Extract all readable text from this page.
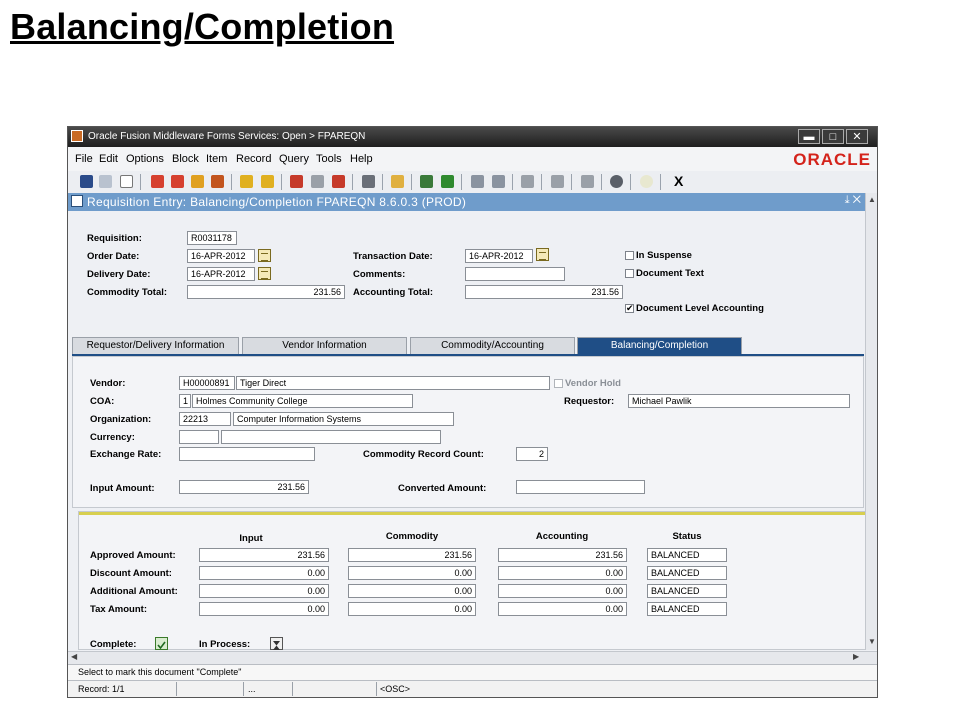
Balancing/Completion
Oracle Fusion Middleware Forms Services: Open > FPAREQN	▬	□	✕
File Edit Options Block Item Record Query Tools Help	ORACLE
X
Requisition Entry: Balancing/Completion FPAREQN 8.6.0.3 (PROD)	⤓ ✕
Requisition:	R0031178
Order Date:	16-APR-2012
Delivery Date:	16-APR-2012
Commodity Total:	231.56
Transaction Date:	16-APR-2012
Comments:
Accounting Total:	231.56
In Suspense
Document Text
✔ Document Level Accounting
Requestor/Delivery Information	Vendor Information	Commodity/Accounting	Balancing/Completion
Vendor:	H00000891	Tiger Direct	Vendor Hold
COA:	1 Holmes Community College	Requestor:	Michael Pawlik
Organization:	22213	Computer Information Systems
Currency:
Exchange Rate:	Commodity Record Count:	2
Input Amount:	231.56	Converted Amount:
Input	Commodity	Accounting	Status
Approved Amount:	231.56	231.56	231.56	BALANCED
Discount Amount:	0.00	0.00	0.00	BALANCED
Additional Amount:	0.00	0.00	0.00	BALANCED
Tax Amount:	0.00	0.00	0.00	BALANCED
Complete:	In Process:
▲
▼
◀	▶
Select to mark this document "Complete"
Record: 1/1	...	<OSC>
